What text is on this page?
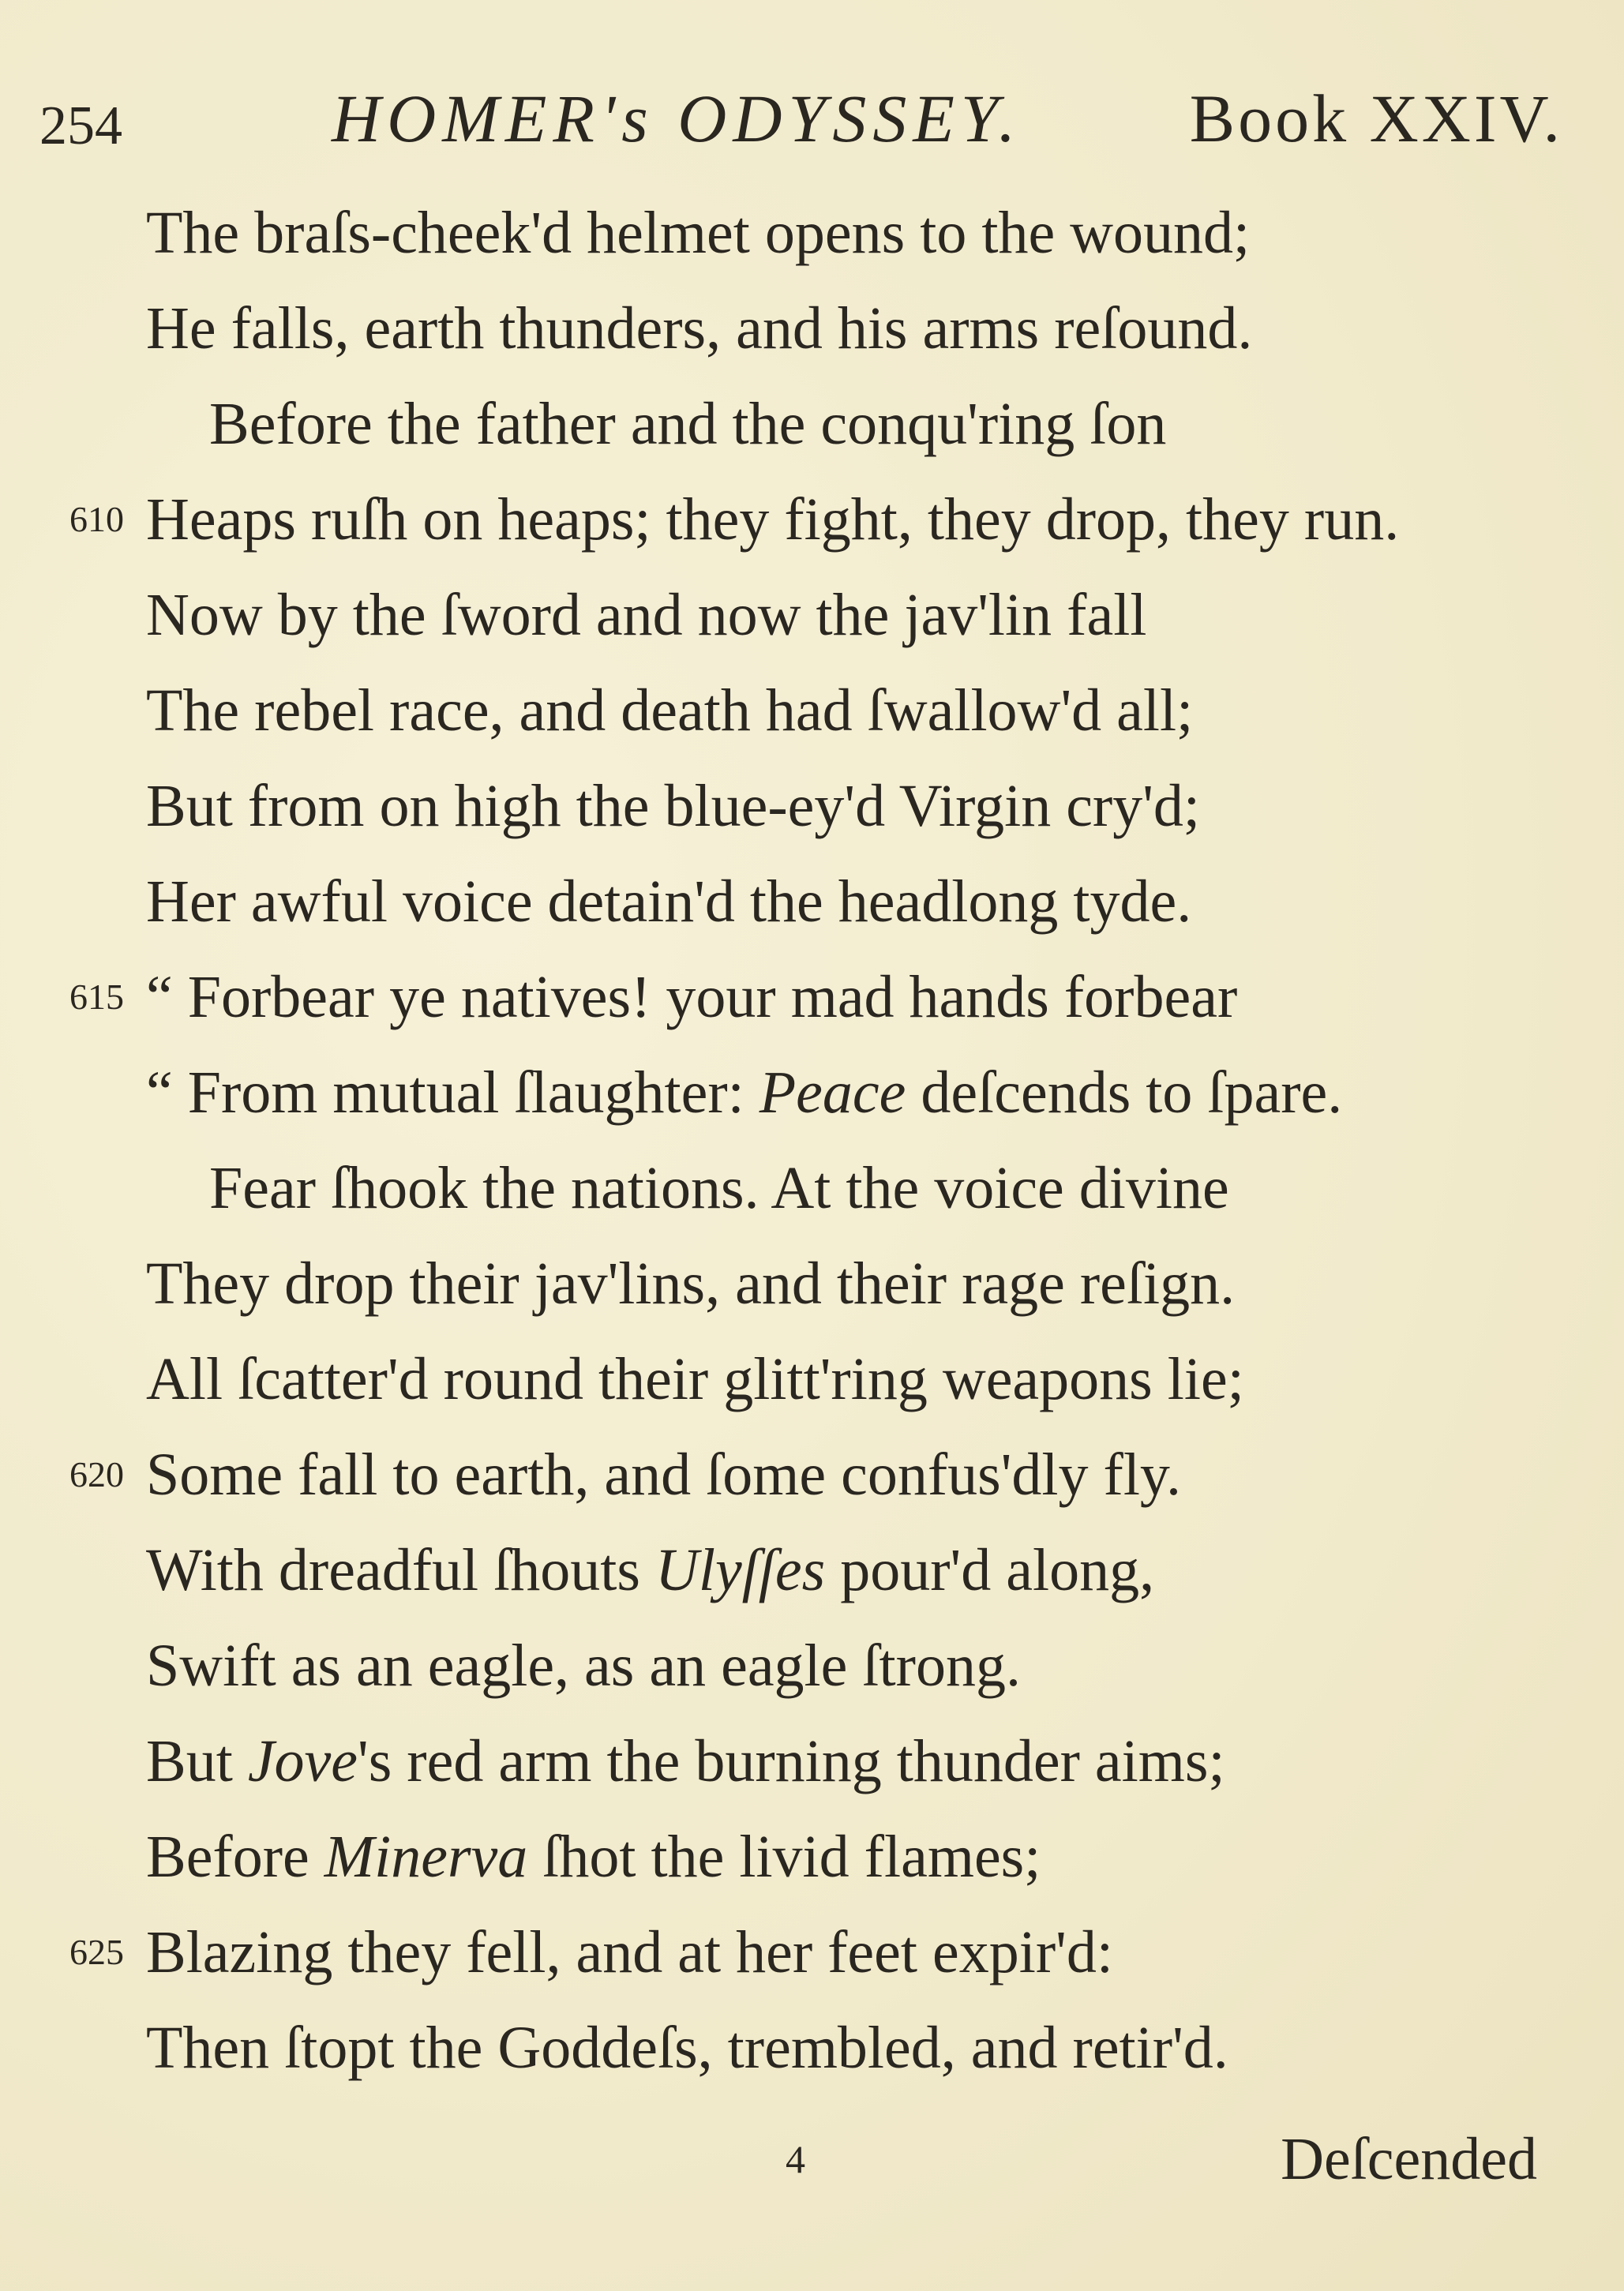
254	HOMER's ODYSSEY. Book XXIV.
The braſs-cheek'd helmet opens to the wound;
He falls, earth thunders, and his arms reſound.
Before the father and the conqu'ring ſon
610 Heaps ruſh on heaps; they fight, they drop, they run.
Now by the ſword and now the jav'lin fall
The rebel race, and death had ſwallow'd all;
But from on high the blue-ey'd Virgin cry'd;
Her awful voice detain'd the headlong tyde.
615 “ Forbear ye natives! your mad hands forbear
“ From mutual ſlaughter: Peace deſcends to ſpare.
Fear ſhook the nations. At the voice divine
They drop their jav'lins, and their rage reſign.
All ſcatter'd round their glitt'ring weapons lie;
620 Some fall to earth, and ſome confus'dly fly.
With dreadful ſhouts Ulyſſes pour'd along,
Swift as an eagle, as an eagle ſtrong.
But Jove's red arm the burning thunder aims;
Before Minerva ſhot the livid flames;
625 Blazing they fell, and at her feet expir'd:
Then ſtopt the Goddeſs, trembled, and retir'd.
4	Deſcended
